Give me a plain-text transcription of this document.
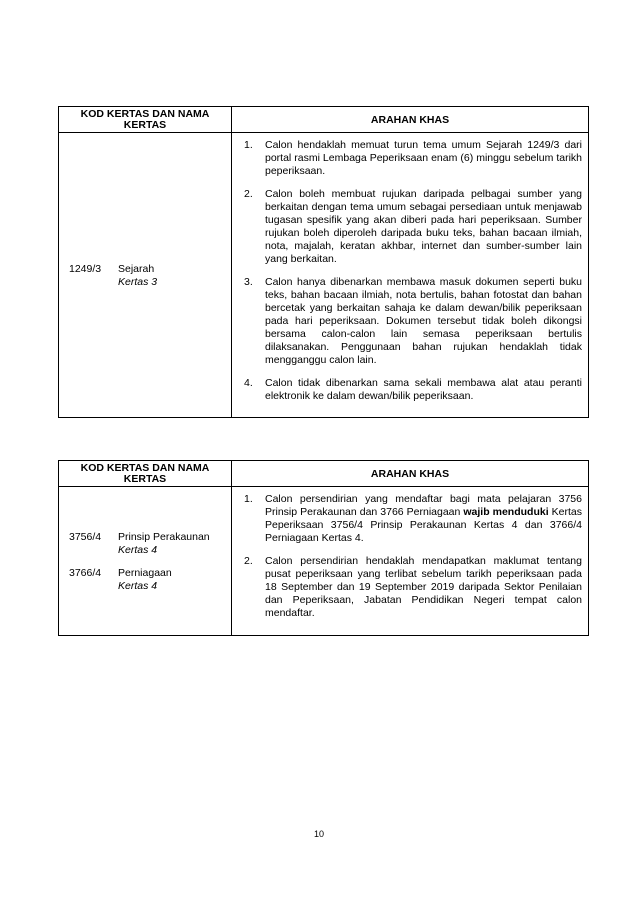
KOD KERTAS DAN NAMA KERTAS	ARAHAN KHAS
1249/3	Sejarah
Kertas 3
1.	Calon hendaklah memuat turun tema umum Sejarah 1249/3 dari portal rasmi Lembaga Peperiksaan enam (6) minggu sebelum tarikh peperiksaan.
2.	Calon boleh membuat rujukan daripada pelbagai sumber yang berkaitan dengan tema umum sebagai persediaan untuk menjawab tugasan spesifik yang akan diberi pada hari peperiksaan. Sumber rujukan boleh diperoleh daripada buku teks, bahan bacaan ilmiah, nota, majalah, keratan akhbar, internet dan sumber-sumber lain yang berkaitan.
3.	Calon hanya dibenarkan membawa masuk dokumen seperti buku teks, bahan bacaan ilmiah, nota bertulis, bahan fotostat dan bahan bercetak yang berkaitan sahaja ke dalam dewan/bilik peperiksaan pada hari peperiksaan. Dokumen tersebut tidak boleh dikongsi bersama calon-calon lain semasa peperiksaan bertulis dilaksanakan. Penggunaan bahan rujukan hendaklah tidak mengganggu calon lain.
4.	Calon tidak dibenarkan sama sekali membawa alat atau peranti elektronik ke dalam dewan/bilik peperiksaan.
KOD KERTAS DAN NAMA KERTAS	ARAHAN KHAS
3756/4	Prinsip Perakaunan
Kertas 4
3766/4	Perniagaan
Kertas 4
1.	Calon persendirian yang mendaftar bagi mata pelajaran 3756 Prinsip Perakaunan dan 3766 Perniagaan wajib menduduki Kertas Peperiksaan 3756/4 Prinsip Perakaunan Kertas 4 dan 3766/4 Perniagaan Kertas 4.
2.	Calon persendirian hendaklah mendapatkan maklumat tentang pusat peperiksaan yang terlibat sebelum tarikh peperiksaan pada 18 September dan 19 September 2019 daripada Sektor Penilaian dan Peperiksaan, Jabatan Pendidikan Negeri tempat calon mendaftar.
10
